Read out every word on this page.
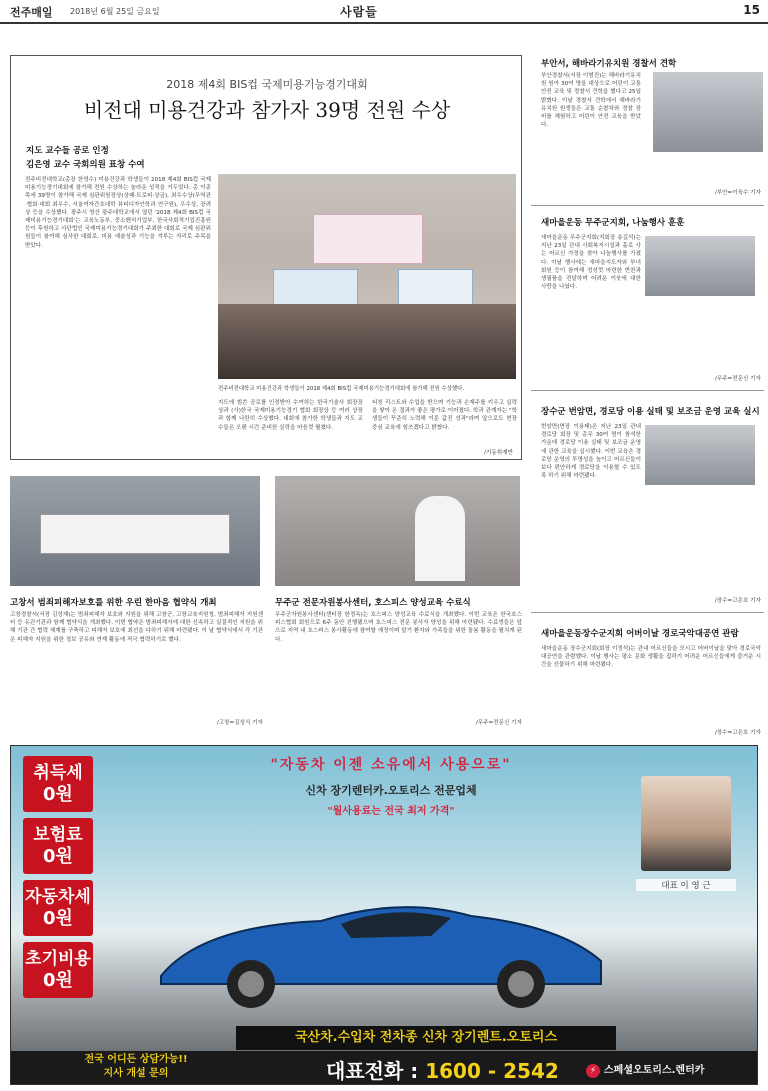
전주매일 2018년 6월 25일 금요일	사람들	15
2018 제4회 BIS컵 국제미용기능경기대회
비전대 미용건강과 참가자 39명 전원 수상
지도 교수들 공로 인정
김은영 교수 국회의원 표창 수여
전주비전대학교(총장 한영수) 미용건강과 학생들이 2018 제4회 BIS컵 국제미용기능경기대회에 참가해 전원 수상하는 놀라운 성적을 거두었다. 총 이종목에 39명이 참가해 국제 심판위원장상(상패·트로피·상금), 최우수상(무역관·협회·대회 최우수, 서울여자간호대학 뷰티디자인학과 연구원), 우수상, 장려상 등을 수상했다. 광주시 영산 광주대학교에서 열린 '2018 제4회 BIS컵 국제미용기능경기대회'는 교육노동부, 중소벤처기업부, 한국사회적기업진흥원 등이 후원하고 사단법인 국제미용기능경기대회가 주최한 대회로 국제 심판위원들이 참여해 심사한 대회로, 미용 예술성과 기능을 겨루는 자리로 주목을 받았다.
전주비전대학교 미용건강과 학생들이 2018 제4회 BIS컵 국제미용기능경기대회에 참가해 전원 수상했다.
지도에 힘쓴 공로를 인정받아 수여하는 한국기술사 회장장상과 (사)한국 국제미용기능경기 협회 회장상 등 여러 상장과 함께 나란히 수상했다. 대회에 참가한 학생들과 지도 교수들은 오랜 시간 준비한 실력을 마음껏 펼쳤다.
티칭 리스트와 수업을 받으며 기능과 손재주를 키우고 실력을 쌓아 온 결과가 좋은 평가로 이어졌다. 학과 관계자는 "학생들이 꾸준히 노력해 이룬 값진 성과"라며 앞으로도 현장 중심 교육에 힘쓰겠다고 밝혔다.
/기동취재반
고창서 범죄피해자보호를 위한 우린 한마음 협약식 개최
고창경찰서(서장 김성재)는 범죄피해자 보호와 지원을 위해 고창군, 고창교육지원청, 범죄피해자 지원센터 등 유관기관과 함께 협약식을 개최했다. 이번 협약은 범죄피해자에 대한 신속하고 실질적인 지원을 위해 기관 간 협력 체계를 구축하고 피해자 보호에 최선을 다하기 위해 마련됐다. 이 날 협약식에서 각 기관은 피해자 지원을 위한 정보 공유와 연계 활동에 적극 협력하기로 했다.
/고창=김성식 기자
무주군 전문자원봉사센터, 호스피스 양성교육 수료식
무주군자원봉사센터(센터장 한정옥)는 호스피스 양성교육 수료식을 개최했다. 이번 교육은 한국호스피스협회 회원으로 6주 동안 진행됐으며 호스피스 전문 봉사자 양성을 위해 마련됐다. 수료생들은 앞으로 지역 내 호스피스 봉사활동에 참여할 예정이며 말기 환자와 가족들을 위한 돌봄 활동을 펼치게 된다.
/무주=전문신 기자
부안서, 해바라기유치원 경찰서 견학
부안경찰서(서장 이형진)는 해바라기유치원 원아 30여 명을 대상으로 어린이 교통안전 교육 및 경찰서 견학을 했다고 25일 밝혔다. 이날 경찰서 견학에서 해바라기유치원 원생들은 교통 순찰차와 경찰 장비를 체험하고 어린이 안전 교육을 받았다.
/부안=이육수 기자
새마을운동 무주군지회, 나눔행사 훈훈
새마을운동 무주군지회(지회장 송길석)는 지난 23일 관내 사회복지시설과 홀로 사는 어르신 가정을 찾아 나눔행사를 가졌다. 이날 행사에는 새마을지도자와 부녀회원 등이 참여해 정성껏 마련한 반찬과 생필품을 전달하며 어려운 이웃에 대한 사랑을 나눴다.
/무주=전문신 기자
장수군 번암면, 경로당 이용 실태 및 보조금 운영 교육 실시
번암면(면장 이용태)은 지난 23일 관내 경로당 회장 및 총무 30여 명이 참석한 가운데 경로당 이용 실태 및 보조금 운영에 관한 교육을 실시했다. 이번 교육은 경로당 운영의 투명성을 높이고 어르신들이 보다 편안하게 경로당을 이용할 수 있도록 하기 위해 마련됐다.
/장수=고은호 기자
새마을운동장수군지회 어버이날 경로국악대공연 관람
새마을운동 장수군지회(회장 이정석)는 관내 어르신들을 모시고 어버이날을 맞아 경로국악대공연을 관람했다. 이날 행사는 평소 문화 생활을 접하기 어려운 어르신들에게 즐거운 시간을 선물하기 위해 마련됐다.
/장수=고은호 기자
취득세
0원
보험료
0원
자동차세
0원
초기비용
0원
"자동차 이젠 소유에서 사용으로"
신차 장기렌터카.오토리스 전문업체
"월사용료는 전국 최저 가격"
대표 이 영 근
국산차.수입차 전차종 신차 장기렌트.오토리스
전국 어디든 상담가능!!
지사 개설 문의	대표전화 : 1600 - 2542	⚡ 스페셜오토리스.렌터카
